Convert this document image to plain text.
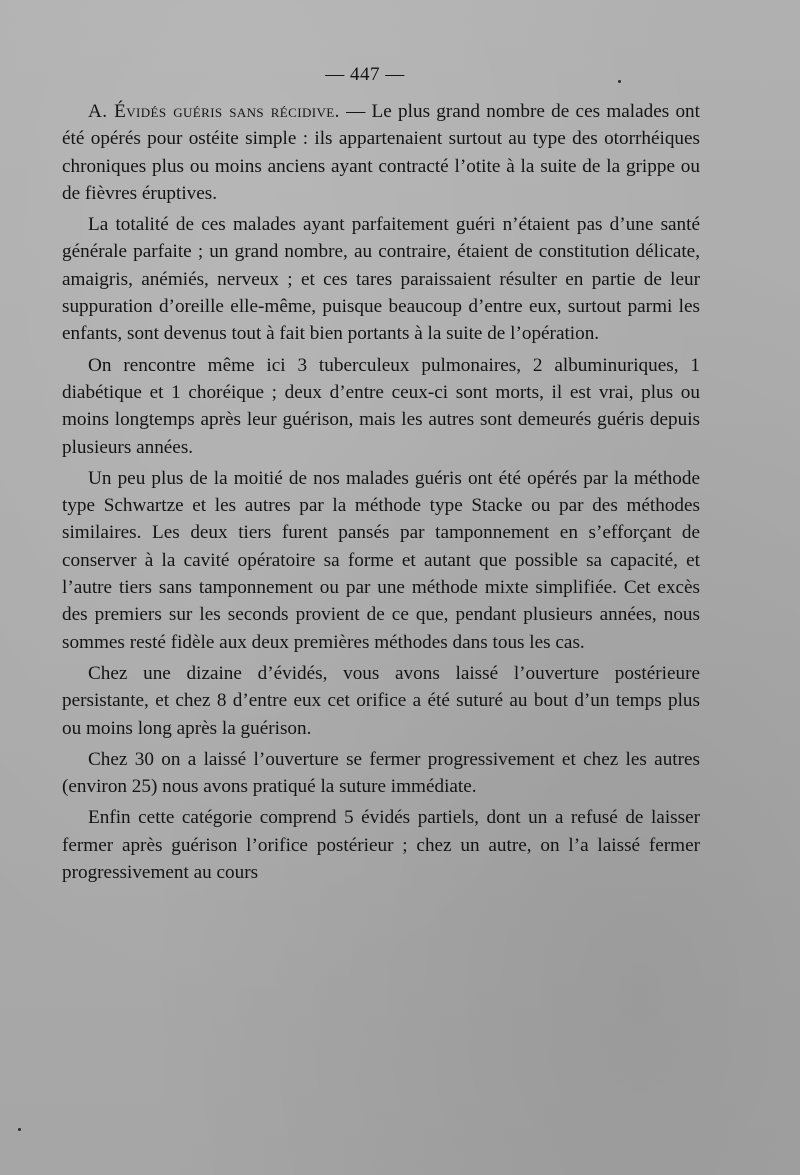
— 447 —

A. Évidés guéris sans récidive. — Le plus grand nombre de ces malades ont été opérés pour ostéite simple : ils appartenaient surtout au type des otorrhéiques chroniques plus ou moins anciens ayant contracté l’otite à la suite de la grippe ou de fièvres éruptives.

La totalité de ces malades ayant parfaitement guéri n’étaient pas d’une santé générale parfaite ; un grand nombre, au contraire, étaient de constitution délicate, amaigris, anémiés, nerveux ; et ces tares paraissaient résulter en partie de leur suppuration d’oreille elle-même, puisque beaucoup d’entre eux, surtout parmi les enfants, sont devenus tout à fait bien portants à la suite de l’opération.

On rencontre même ici 3 tuberculeux pulmonaires, 2 albuminuriques, 1 diabétique et 1 choréique ; deux d’entre ceux-ci sont morts, il est vrai, plus ou moins longtemps après leur guérison, mais les autres sont demeurés guéris depuis plusieurs années.

Un peu plus de la moitié de nos malades guéris ont été opérés par la méthode type Schwartze et les autres par la méthode type Stacke ou par des méthodes similaires. Les deux tiers furent pansés par tamponnement en s’efforçant de conserver à la cavité opératoire sa forme et autant que possible sa capacité, et l’autre tiers sans tamponnement ou par une méthode mixte simplifiée. Cet excès des premiers sur les seconds provient de ce que, pendant plusieurs années, nous sommes resté fidèle aux deux premières méthodes dans tous les cas.

Chez une dizaine d’évidés, vous avons laissé l’ouverture postérieure persistante, et chez 8 d’entre eux cet orifice a été suturé au bout d’un temps plus ou moins long après la guérison.

Chez 30 on a laissé l’ouverture se fermer progressivement et chez les autres (environ 25) nous avons pratiqué la suture immédiate.

Enfin cette catégorie comprend 5 évidés partiels, dont un a refusé de laisser fermer après guérison l’orifice postérieur ; chez un autre, on l’a laissé fermer progressivement au cours
